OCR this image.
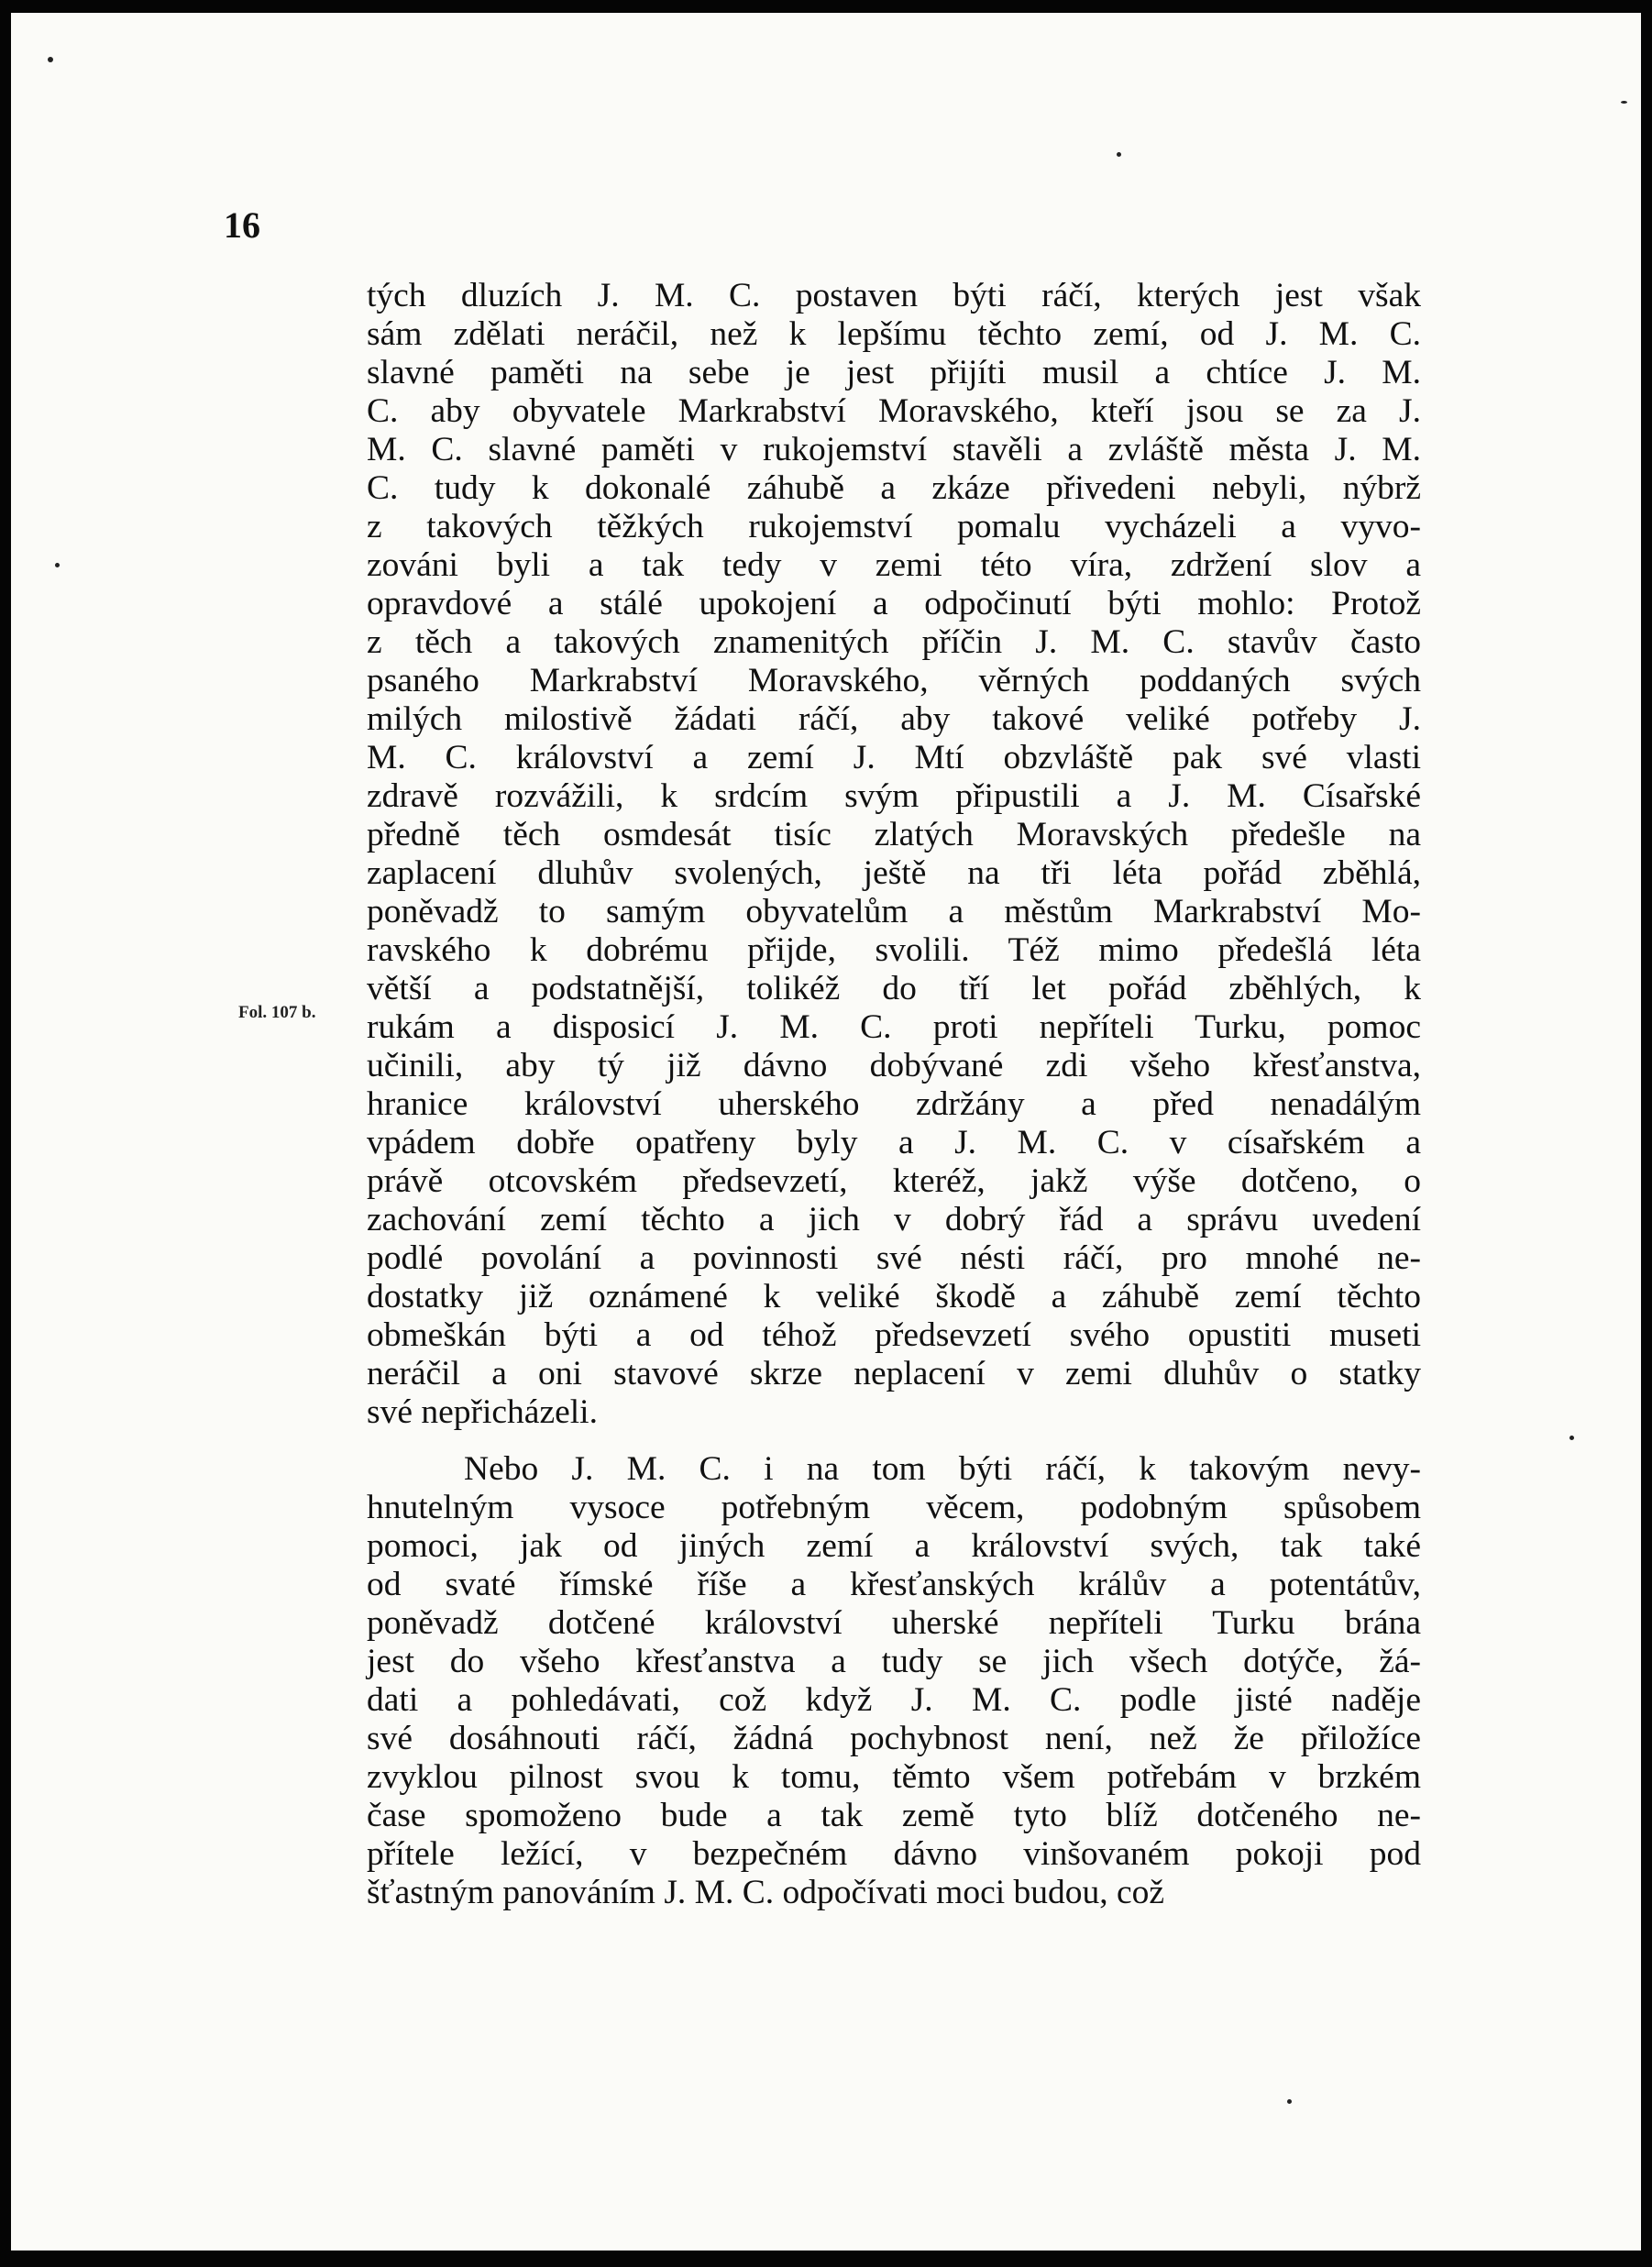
16

Fol. 107 b.

tých dluzích J. M. C. postaven býti ráčí, kterých jest však
sám zdělati neráčil, než k lepšímu těchto zemí, od J. M. C.
slavné paměti na sebe je jest přijíti musil a chtíce J. M.
C. aby obyvatele Markrabství Moravského, kteří jsou se za J.
M. C. slavné paměti v rukojemství stavěli a zvláště města J. M.
C. tudy k dokonalé záhubě a zkáze přivedeni nebyli, nýbrž
z takových těžkých rukojemství pomalu vycházeli a vyvo-
zováni byli a tak tedy v zemi této víra, zdržení slov a
opravdové a stálé upokojení a odpočinutí býti mohlo: Protož
z těch a takových znamenitých příčin J. M. C. stavův často
psaného Markrabství Moravského, věrných poddaných svých
milých milostivě žádati ráčí, aby takové veliké potřeby J.
M. C. království a zemí J. Mtí obzvláště pak své vlasti
zdravě rozvážili, k srdcím svým připustili a J. M. Císařské
předně těch osmdesát tisíc zlatých Moravských předešle na
zaplacení dluhův svolených, ještě na tři léta pořád zběhlá,
poněvadž to samým obyvatelům a městům Markrabství Mo-
ravského k dobrému přijde, svolili. Též mimo předešlá léta
větší a podstatnější, tolikéž do tří let pořád zběhlých, k
rukám a disposicí J. M. C. proti nepříteli Turku, pomoc
učinili, aby tý již dávno dobývané zdi všeho křesťanstva,
hranice království uherského zdržány a před nenadálým
vpádem dobře opatřeny byly a J. M. C. v císařském a
právě otcovském předsevzetí, kteréž, jakž výše dotčeno, o
zachování zemí těchto a jich v dobrý řád a správu uvedení
podlé povolání a povinnosti své nésti ráčí, pro mnohé ne-
dostatky již oznámené k veliké škodě a záhubě zemí těchto
obmeškán býti a od téhož předsevzetí svého opustiti museti
neráčil a oni stavové skrze neplacení v zemi dluhův o statky
své nepřicházeli.
Nebo J. M. C. i na tom býti ráčí, k takovým nevy-
hnutelným vysoce potřebným věcem, podobným spůsobem
pomoci, jak od jiných zemí a království svých, tak také
od svaté římské říše a křesťanských králův a potentátův,
poněvadž dotčené království uherské nepříteli Turku brána
jest do všeho křesťanstva a tudy se jich všech dotýče, žá-
dati a pohledávati, což když J. M. C. podle jisté naděje
své dosáhnouti ráčí, žádná pochybnost není, než že přiložíce
zvyklou pilnost svou k tomu, těmto všem potřebám v brzkém
čase spomoženo bude a tak země tyto blíž dotčeného ne-
přítele ležící, v bezpečném dávno vinšovaném pokoji pod
šťastným panováním J. M. C. odpočívati moci budou, což
